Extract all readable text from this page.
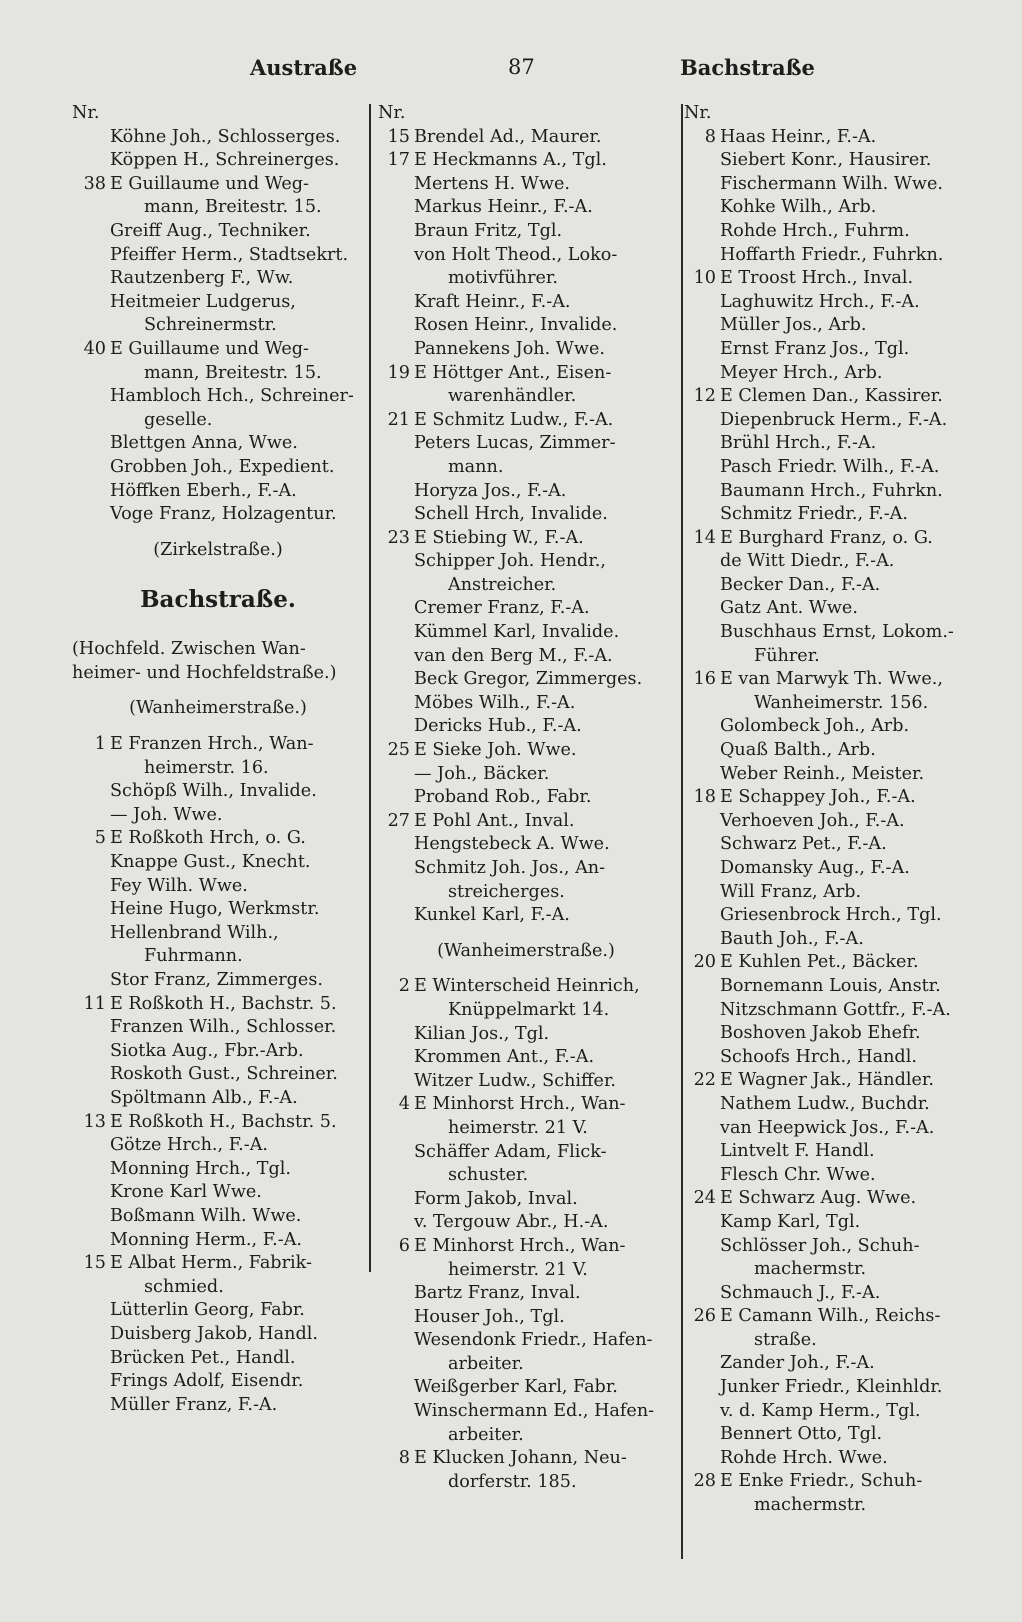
Austraße	87	Bachstraße
Nr.
Köhne Joh., Schlosserges.
Köppen H., Schreinerges.
38 E Guillaume und Weg-
mann, Breitestr. 15.
Greiff Aug., Techniker.
Pfeiffer Herm., Stadtsekrt.
Rautzenberg F., Ww.
Heitmeier Ludgerus,
Schreinermstr.
40 E Guillaume und Weg-
mann, Breitestr. 15.
Hambloch Hch., Schreiner-
geselle.
Blettgen Anna, Wwe.
Grobben Joh., Expedient.
Höffken Eberh., F.-A.
Voge Franz, Holzagentur.
(Zirkelstraße.)
Bachstraße.
(Hochfeld. Zwischen Wan-
heimer- und Hochfeldstraße.)
(Wanheimerstraße.)
1 E Franzen Hrch., Wan-
heimerstr. 16.
Schöpß Wilh., Invalide.
— Joh. Wwe.
5 E Roßkoth Hrch, o. G.
Knappe Gust., Knecht.
Fey Wilh. Wwe.
Heine Hugo, Werkmstr.
Hellenbrand Wilh.,
Fuhrmann.
Stor Franz, Zimmerges.
11 E Roßkoth H., Bachstr. 5.
Franzen Wilh., Schlosser.
Siotka Aug., Fbr.-Arb.
Roskoth Gust., Schreiner.
Spöltmann Alb., F.-A.
13 E Roßkoth H., Bachstr. 5.
Götze Hrch., F.-A.
Monning Hrch., Tgl.
Krone Karl Wwe.
Boßmann Wilh. Wwe.
Monning Herm., F.-A.
15 E Albat Herm., Fabrik-
schmied.
Lütterlin Georg, Fabr.
Duisberg Jakob, Handl.
Brücken Pet., Handl.
Frings Adolf, Eisendr.
Müller Franz, F.-A.
Nr.
15 Brendel Ad., Maurer.
17 E Heckmanns A., Tgl.
Mertens H. Wwe.
Markus Heinr., F.-A.
Braun Fritz, Tgl.
von Holt Theod., Loko-
motivführer.
Kraft Heinr., F.-A.
Rosen Heinr., Invalide.
Pannekens Joh. Wwe.
19 E Höttger Ant., Eisen-
warenhändler.
21 E Schmitz Ludw., F.-A.
Peters Lucas, Zimmer-
mann.
Horyza Jos., F.-A.
Schell Hrch, Invalide.
23 E Stiebing W., F.-A.
Schipper Joh. Hendr.,
Anstreicher.
Cremer Franz, F.-A.
Kümmel Karl, Invalide.
van den Berg M., F.-A.
Beck Gregor, Zimmerges.
Möbes Wilh., F.-A.
Dericks Hub., F.-A.
25 E Sieke Joh. Wwe.
— Joh., Bäcker.
Proband Rob., Fabr.
27 E Pohl Ant., Inval.
Hengstebeck A. Wwe.
Schmitz Joh. Jos., An-
streicherges.
Kunkel Karl, F.-A.
(Wanheimerstraße.)
2 E Winterscheid Heinrich,
Knüppelmarkt 14.
Kilian Jos., Tgl.
Krommen Ant., F.-A.
Witzer Ludw., Schiffer.
4 E Minhorst Hrch., Wan-
heimerstr. 21 V.
Schäffer Adam, Flick-
schuster.
Form Jakob, Inval.
v. Tergouw Abr., H.-A.
6 E Minhorst Hrch., Wan-
heimerstr. 21 V.
Bartz Franz, Inval.
Houser Joh., Tgl.
Wesendonk Friedr., Hafen-
arbeiter.
Weißgerber Karl, Fabr.
Winschermann Ed., Hafen-
arbeiter.
8 E Klucken Johann, Neu-
dorferstr. 185.
Nr.
8 Haas Heinr., F.-A.
Siebert Konr., Hausirer.
Fischermann Wilh. Wwe.
Kohke Wilh., Arb.
Rohde Hrch., Fuhrm.
Hoffarth Friedr., Fuhrkn.
10 E Troost Hrch., Inval.
Laghuwitz Hrch., F.-A.
Müller Jos., Arb.
Ernst Franz Jos., Tgl.
Meyer Hrch., Arb.
12 E Clemen Dan., Kassirer.
Diepenbruck Herm., F.-A.
Brühl Hrch., F.-A.
Pasch Friedr. Wilh., F.-A.
Baumann Hrch., Fuhrkn.
Schmitz Friedr., F.-A.
14 E Burghard Franz, o. G.
de Witt Diedr., F.-A.
Becker Dan., F.-A.
Gatz Ant. Wwe.
Buschhaus Ernst, Lokom.-
Führer.
16 E van Marwyk Th. Wwe.,
Wanheimerstr. 156.
Golombeck Joh., Arb.
Quaß Balth., Arb.
Weber Reinh., Meister.
18 E Schappey Joh., F.-A.
Verhoeven Joh., F.-A.
Schwarz Pet., F.-A.
Domansky Aug., F.-A.
Will Franz, Arb.
Griesenbrock Hrch., Tgl.
Bauth Joh., F.-A.
20 E Kuhlen Pet., Bäcker.
Bornemann Louis, Anstr.
Nitzschmann Gottfr., F.-A.
Boshoven Jakob Ehefr.
Schoofs Hrch., Handl.
22 E Wagner Jak., Händler.
Nathem Ludw., Buchdr.
van Heepwick Jos., F.-A.
Lintvelt F. Handl.
Flesch Chr. Wwe.
24 E Schwarz Aug. Wwe.
Kamp Karl, Tgl.
Schlösser Joh., Schuh-
machermstr.
Schmauch J., F.-A.
26 E Camann Wilh., Reichs-
straße.
Zander Joh., F.-A.
Junker Friedr., Kleinhldr.
v. d. Kamp Herm., Tgl.
Bennert Otto, Tgl.
Rohde Hrch. Wwe.
28 E Enke Friedr., Schuh-
machermstr.
